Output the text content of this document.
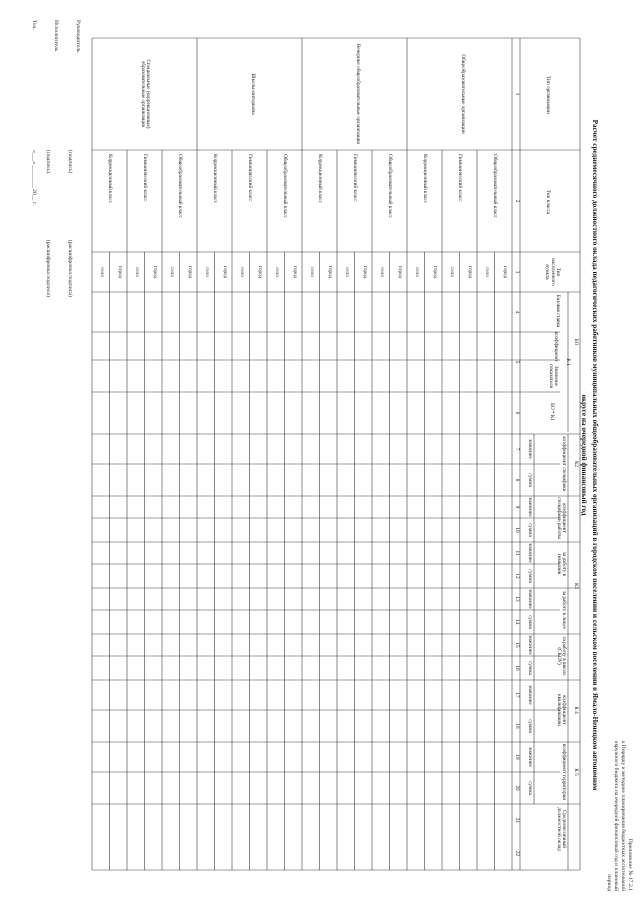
Приложение № 17.2.1
к Порядку и методике планирования бюджетных ассигнований
окружного бюджета на очередной финансовый год и плановый
период
Расчет среднемесячного должностного оклада педагогических работников муниципальных общеобразовательных организаций в городском поселении и сельском поселении в Ямало-Ненецком автономном
округе на очередной финансовый год
Тип организации
Тип класса
Тип населенного пункта
БО
Базовая ставка
К 1
коэффициент
Значение показателя
БО * К1
К2
коэффициент специфики
К3
коэффициент специфики работы
за работу в гимназии
за работу в лицее
за работу в школе (СКОУ)
К 4
коэффициент квалификации
К 5
коэффициент территории
Среднемесячный должностной оклад
значение
сумма
значение
сумма
значение
сумма
значение
сумма
значение
сумма
значение
сумма
значение
сумма
1
2
3
4
5
6
7
8
9
10
11
12
13
14
15
16
17
18
19
20
21
22
город
село
город
село
город
село
город
село
город
село
город
село
город
село
город
село
город
село
город
село
город
село
город
село
Общеобразовательный класс
Гимназический класс
Коррекционный класс
Общеобразовательный класс
Гимназический класс
Коррекционный класс
Общеобразовательный класс
Гимназический класс
Коррекционный класс
Общеобразовательный класс
Гимназический класс
Коррекционный класс
Общеобразовательные организации
Вечерние общеобразовательные организации
Школы-интернаты
Специальные (коррекционные) образовательные организации
Руководитель
(подпись)
(расшифровка подписи)
Исполнитель
(подпись)
(расшифровка подписи)
Тел.
«___» ________ 20__ г.
